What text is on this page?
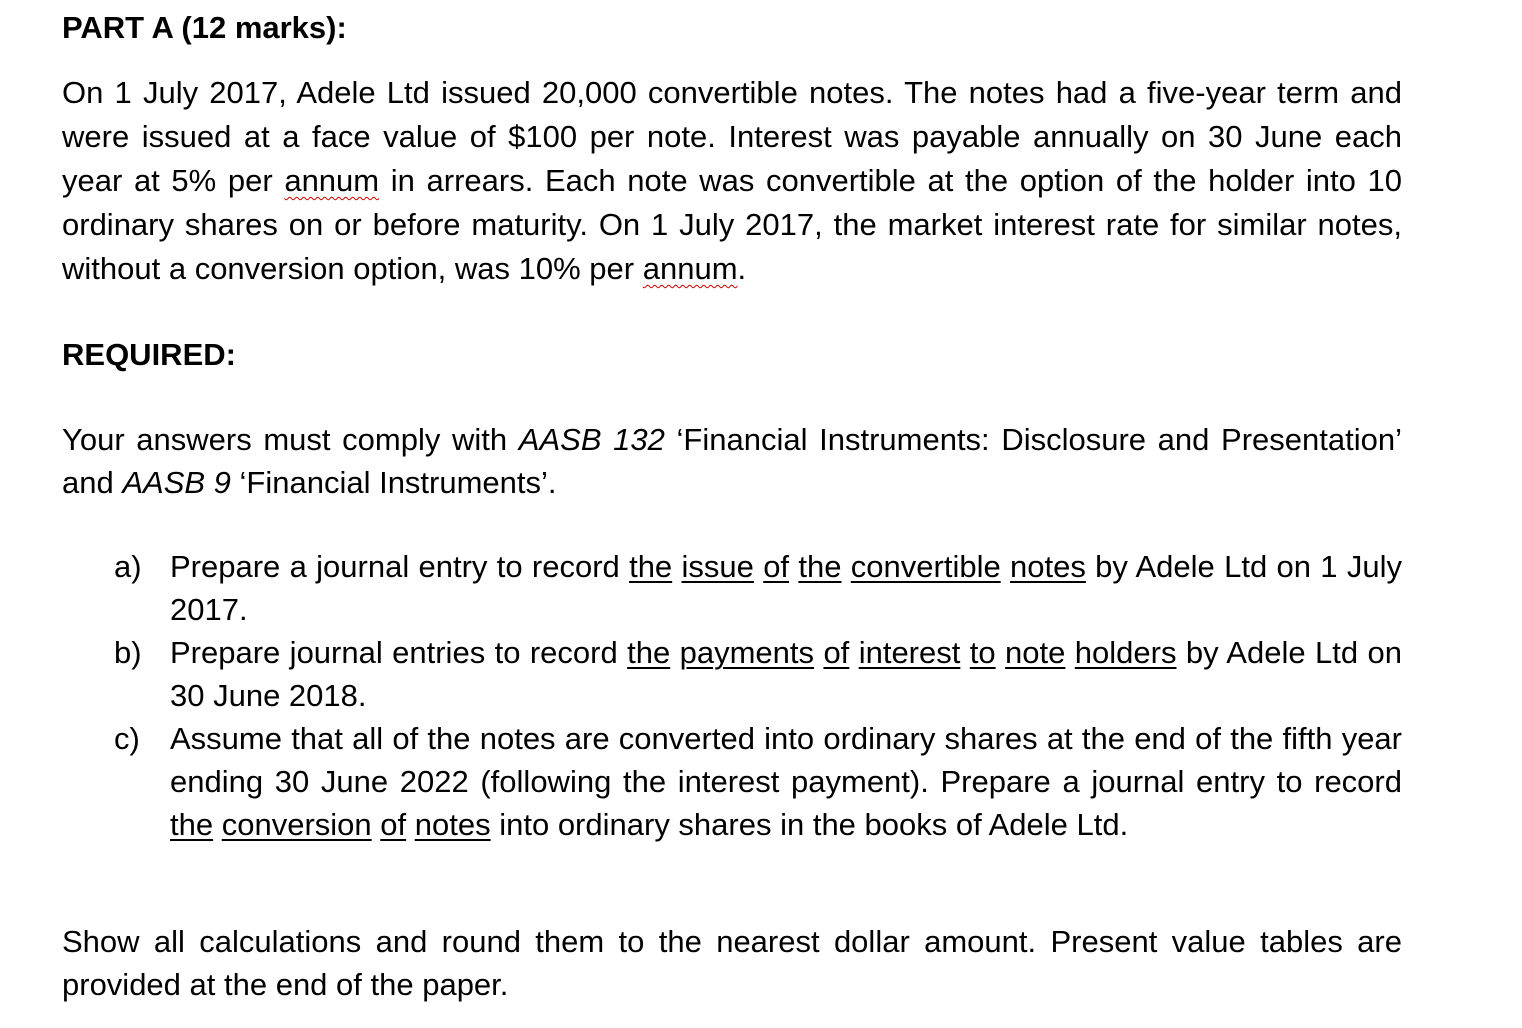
PART A (12 marks):

On 1 July 2017, Adele Ltd issued 20,000 convertible notes. The notes had a five-year term and were issued at a face value of $100 per note. Interest was payable annually on 30 June each year at 5% per annum in arrears. Each note was convertible at the option of the holder into 10 ordinary shares on or before maturity. On 1 July 2017, the market interest rate for similar notes, without a conversion option, was 10% per annum.

REQUIRED:

Your answers must comply with AASB 132 ‘Financial Instruments: Disclosure and Presentation’ and AASB 9 ‘Financial Instruments’.

a) Prepare a journal entry to record the issue of the convertible notes by Adele Ltd on 1 July 2017.
b) Prepare journal entries to record the payments of interest to note holders by Adele Ltd on 30 June 2018.
c) Assume that all of the notes are converted into ordinary shares at the end of the fifth year ending 30 June 2022 (following the interest payment). Prepare a journal entry to record the conversion of notes into ordinary shares in the books of Adele Ltd.

Show all calculations and round them to the nearest dollar amount. Present value tables are provided at the end of the paper.
